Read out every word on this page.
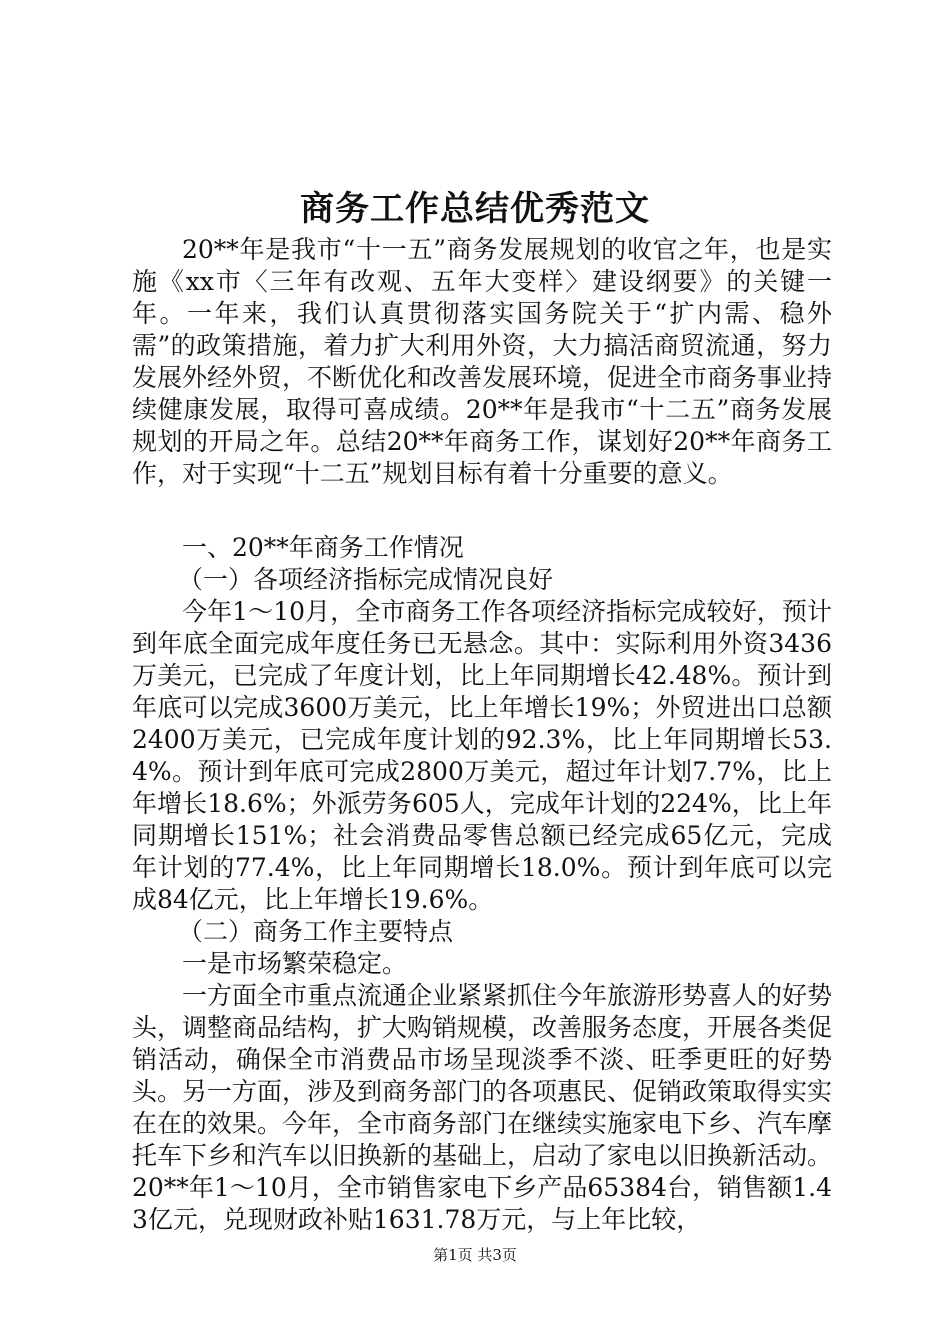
商务工作总结优秀范文

20**年是我市“十一五”商务发展规划的收官之年，也是实施《xx市〈三年有改观、五年大变样〉建设纲要》的关键一年。一年来，我们认真贯彻落实国务院关于“扩内需、稳外需”的政策措施，着力扩大利用外资，大力搞活商贸流通，努力发展外经外贸，不断优化和改善发展环境，促进全市商务事业持续健康发展，取得可喜成绩。20**年是我市“十二五”商务发展规划的开局之年。总结20**年商务工作，谋划好20**年商务工作，对于实现“十二五”规划目标有着十分重要的意义。

一、20**年商务工作情况

（一）各项经济指标完成情况良好

今年1～10月，全市商务工作各项经济指标完成较好，预计到年底全面完成年度任务已无悬念。其中：实际利用外资3436万美元，已完成了年度计划，比上年同期增长42.48%。预计到年底可以完成3600万美元，比上年增长19%；外贸进出口总额2400万美元，已完成年度计划的92.3%，比上年同期增长53.4%。预计到年底可完成2800万美元，超过年计划7.7%，比上年增长18.6%；外派劳务605人，完成年计划的224%，比上年同期增长151%；社会消费品零售总额已经完成65亿元，完成年计划的77.4%，比上年同期增长18.0%。预计到年底可以完成84亿元，比上年增长19.6%。

（二）商务工作主要特点

一是市场繁荣稳定。

一方面全市重点流通企业紧紧抓住今年旅游形势喜人的好势头，调整商品结构，扩大购销规模，改善服务态度，开展各类促销活动，确保全市消费品市场呈现淡季不淡、旺季更旺的好势头。另一方面，涉及到商务部门的各项惠民、促销政策取得实实在在的效果。今年，全市商务部门在继续实施家电下乡、汽车摩托车下乡和汽车以旧换新的基础上，启动了家电以旧换新活动。20**年1～10月，全市销售家电下乡产品65384台，销售额1.43亿元，兑现财政补贴1631.78万元，与上年比较，

第1页 共3页
